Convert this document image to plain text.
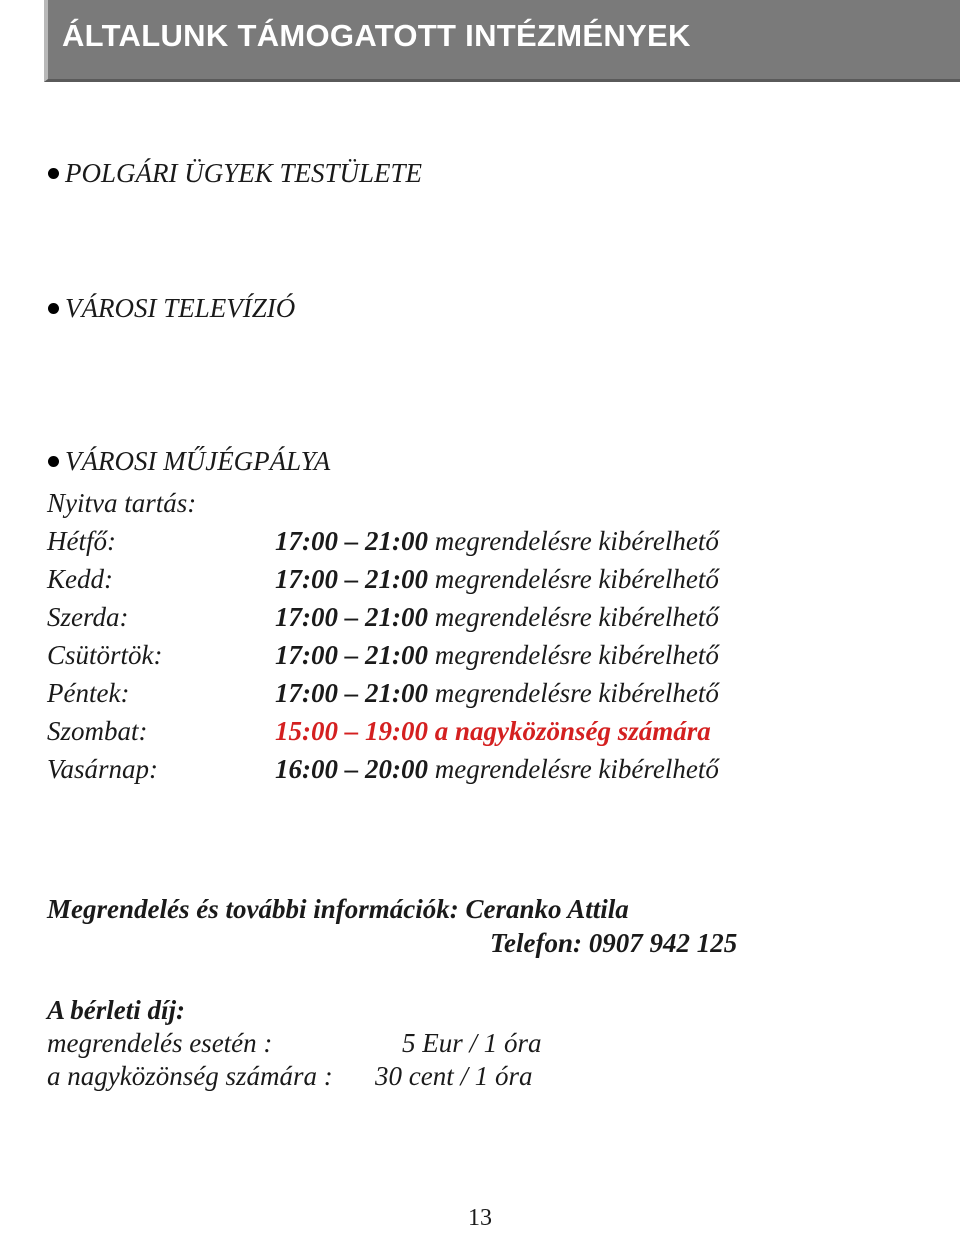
ÁLTALUNK TÁMOGATOTT INTÉZMÉNYEK
POLGÁRI ÜGYEK TESTÜLETE
VÁROSI TELEVÍZIÓ
VÁROSI MŰJÉGPÁLYA
Nyitva tartás:
Hétfő:	17:00 – 21:00 megrendelésre kibérelhető
Kedd:	17:00 – 21:00 megrendelésre kibérelhető
Szerda:	17:00 – 21:00 megrendelésre kibérelhető
Csütörtök:	17:00 – 21:00 megrendelésre kibérelhető
Péntek:	17:00 – 21:00 megrendelésre kibérelhető
Szombat:	15:00 – 19:00 a nagyközönség számára
Vasárnap:	16:00 – 20:00 megrendelésre kibérelhető
Megrendelés és további információk: Ceranko Attila
Telefon: 0907 942 125
A bérleti díj:
megrendelés esetén :	5 Eur / 1 óra
a nagyközönség számára : 30 cent / 1 óra
13
